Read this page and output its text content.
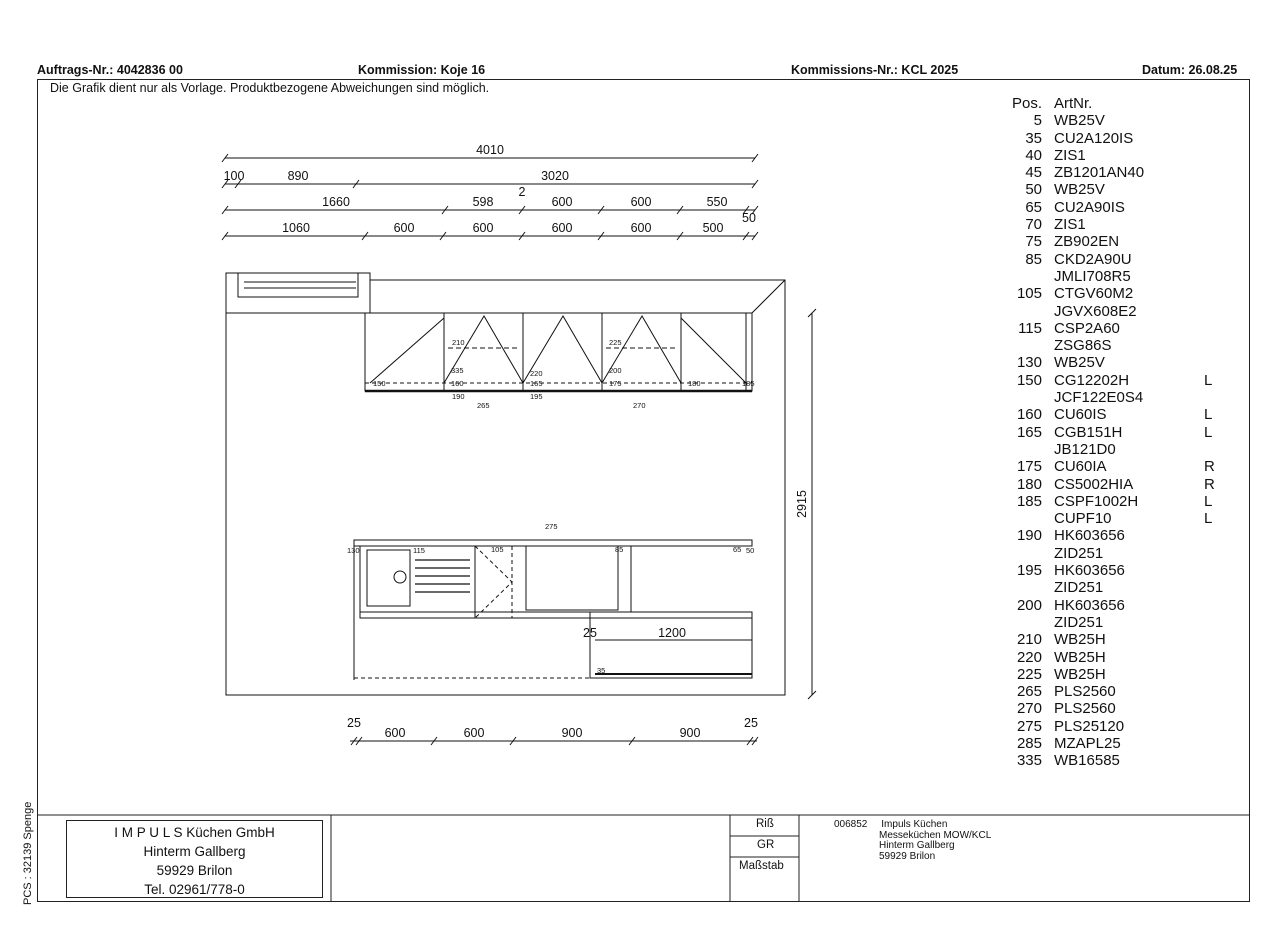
Auftrags-Nr.: 4042836 00	Kommission: Koje 16	Kommissions-Nr.: KCL 2025	Datum: 26.08.25
Die Grafik dient nur als Vorlage. Produktbezogene Abweichungen sind möglich.
4010
100	890	3020
1660	598
2
600	600	550
50
1060	600	600	600	600	500
2915
25
600	600	900	900
25
25	1200
210	225
335	220	200
150	160	165	175	180	185
190
265
195
270
275
130	115	105	85	65 50
35
Pos. ArtNr.
5 WB25V
35 CU2A120IS
40 ZIS1
45 ZB1201AN40
50 WB25V
65 CU2A90IS
70 ZIS1
75 ZB902EN
85 CKD2A90U
JMLI708R5
105 CTGV60M2
JGVX608E2
115 CSP2A60
ZSG86S
130 WB25V
150 CG12202H	L
JCF122E0S4
160 CU60IS	L
165 CGB151H	L
JB121D0
175 CU60IA	R
180 CS5002HIA	R
185 CSPF1002H	L
CUPF10	L
190 HK603656
ZID251
195 HK603656
ZID251
200 HK603656
ZID251
210 WB25H
220 WB25H
225 WB25H
265 PLS2560
270 PLS2560
275 PLS25120
285 MZAPL25
335 WB16585
PCS : 32139 Spenge	I M P U L S Küchen GmbH
Hinterm Gallberg
59929 Brilon
Tel. 02961/778-0
Riß
GR
Maßstab
006852 Impuls Küchen
Messeküchen MOW/KCL
Hinterm Gallberg
59929 Brilon
